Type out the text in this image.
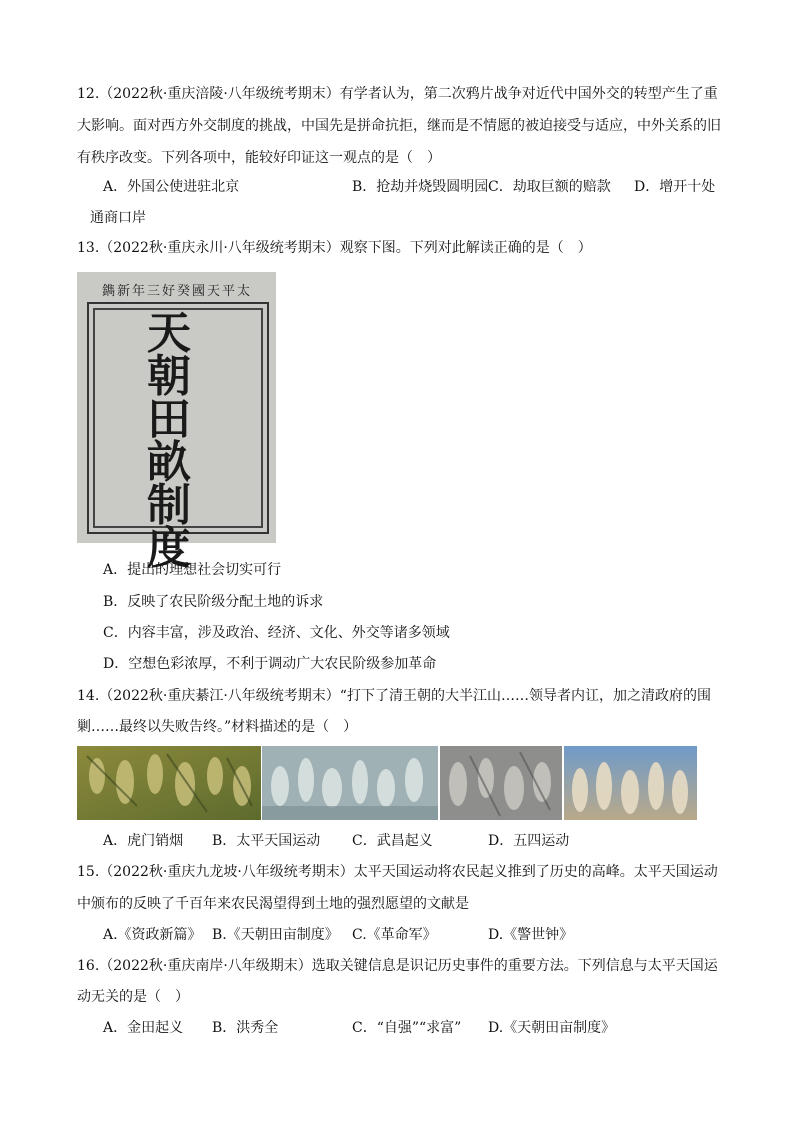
12.（2022秋·重庆涪陵·八年级统考期末）有学者认为，第二次鸦片战争对近代中国外交的转型产生了重
大影响。面对西方外交制度的挑战，中国先是拼命抗拒，继而是不情愿的被迫接受与适应，中外关系的旧
有秩序改变。下列各项中，能较好印证这一观点的是（　）
A．外国公使进驻北京	B．抢劫并烧毁圆明园 C．劫取巨额的赔款 D．增开十处
通商口岸
13.（2022秋·重庆永川·八年级统考期末）观察下图。下列对此解读正确的是（　）
鐫新年三好癸國天平太
天朝田畝制度
A．提出的理想社会切实可行
B．反映了农民阶级分配土地的诉求
C．内容丰富，涉及政治、经济、文化、外交等诸多领域
D．空想色彩浓厚，不利于调动广大农民阶级参加革命
14.（2022秋·重庆綦江·八年级统考期末）“打下了清王朝的大半江山……领导者内讧，加之清政府的围
剿……最终以失败告终。”材料描述的是（　）
A．虎门销烟 B．太平天国运动 C．武昌起义	D．五四运动
15.（2022秋·重庆九龙坡·八年级统考期末）太平天国运动将农民起义推到了历史的高峰。太平天国运动
中颁布的反映了千百年来农民渴望得到土地的强烈愿望的文献是
A.《资政新篇》 B.《天朝田亩制度》 C.《革命军》	D.《警世钟》
16.（2022秋·重庆南岸·八年级期末）选取关键信息是识记历史事件的重要方法。下列信息与太平天国运
动无关的是（　）
A．金田起义 B．洪秀全	C．“自强”“求富” D.《天朝田亩制度》
